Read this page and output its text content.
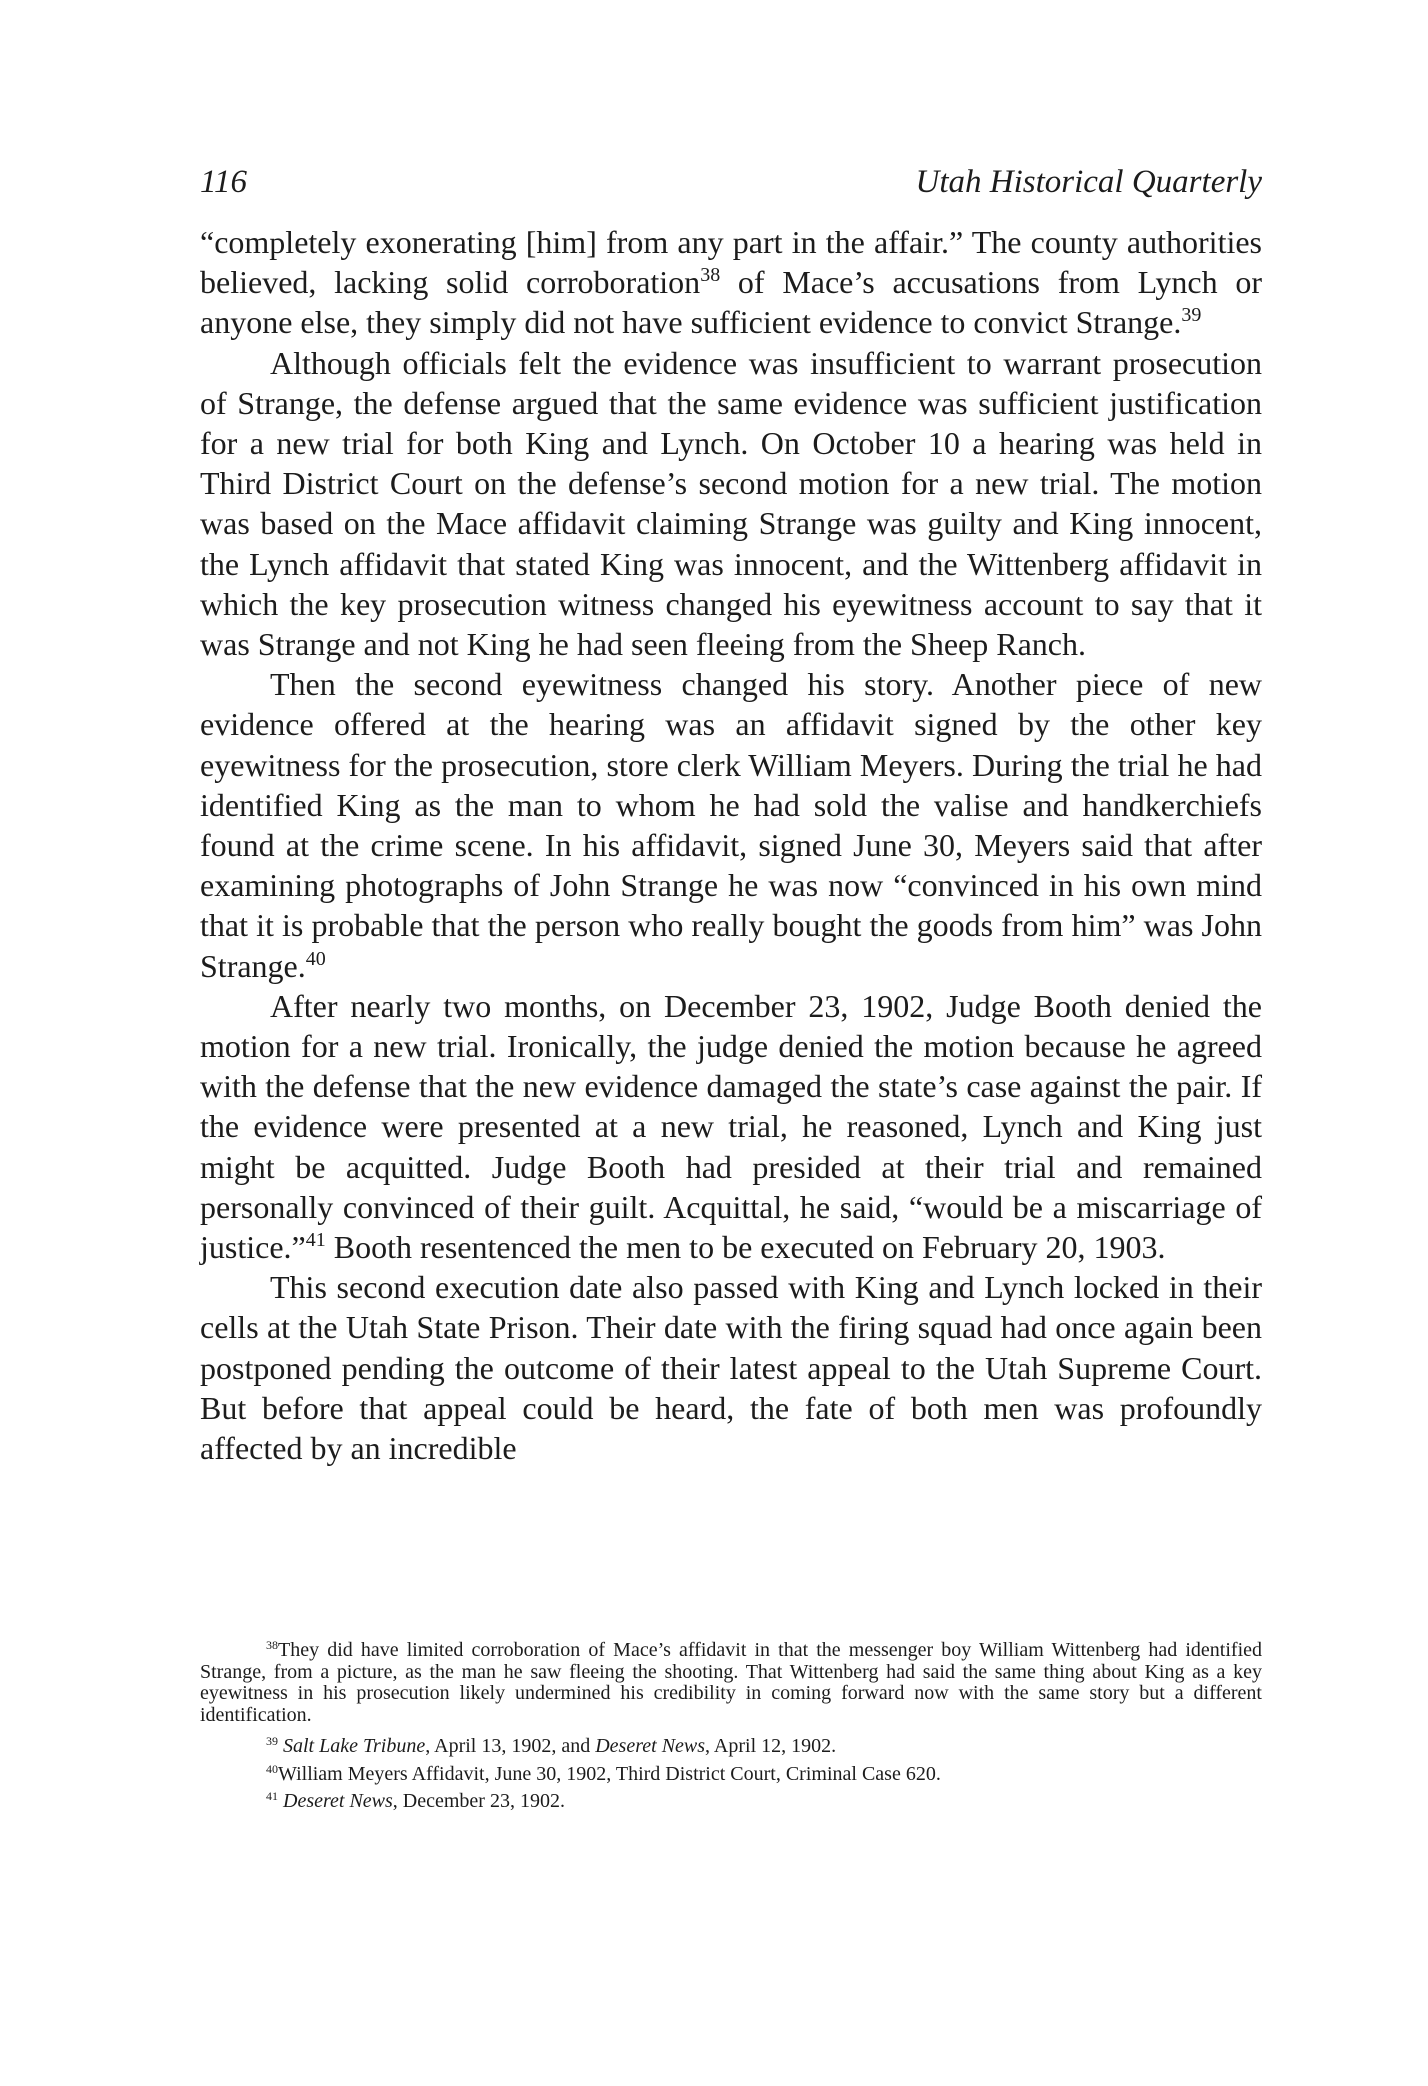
116	Utah Historical Quarterly

“completely exonerating [him] from any part in the affair.” The county authorities believed, lacking solid corroboration$^{38}$ of Mace’s accusations from Lynch or anyone else, they simply did not have sufficient evidence to convict Strange.$^{39}$

Although officials felt the evidence was insufficient to warrant prosecution of Strange, the defense argued that the same evidence was sufficient justification for a new trial for both King and Lynch. On October 10 a hearing was held in Third District Court on the defense’s second motion for a new trial. The motion was based on the Mace affidavit claiming Strange was guilty and King innocent, the Lynch affidavit that stated King was innocent, and the Wittenberg affidavit in which the key prosecution witness changed his eyewitness account to say that it was Strange and not King he had seen fleeing from the Sheep Ranch.

Then the second eyewitness changed his story. Another piece of new evidence offered at the hearing was an affidavit signed by the other key eyewitness for the prosecution, store clerk William Meyers. During the trial he had identified King as the man to whom he had sold the valise and handkerchiefs found at the crime scene. In his affidavit, signed June 30, Meyers said that after examining photographs of John Strange he was now “convinced in his own mind that it is probable that the person who really bought the goods from him” was John Strange.$^{40}$

After nearly two months, on December 23, 1902, Judge Booth denied the motion for a new trial. Ironically, the judge denied the motion because he agreed with the defense that the new evidence damaged the state’s case against the pair. If the evidence were presented at a new trial, he reasoned, Lynch and King just might be acquitted. Judge Booth had presided at their trial and remained personally convinced of their guilt. Acquittal, he said, “would be a miscarriage of justice.”$^{41}$ Booth resentenced the men to be executed on February 20, 1903.

This second execution date also passed with King and Lynch locked in their cells at the Utah State Prison. Their date with the firing squad had once again been postponed pending the outcome of their latest appeal to the Utah Supreme Court. But before that appeal could be heard, the fate of both men was profoundly affected by an incredible

$^{38}$They did have limited corroboration of Mace’s affidavit in that the messenger boy William Wittenberg had identified Strange, from a picture, as the man he saw fleeing the shooting. That Wittenberg had said the same thing about King as a key eyewitness in his prosecution likely undermined his credibility in coming forward now with the same story but a different identification.

$^{39}$ Salt Lake Tribune, April 13, 1902, and Deseret News, April 12, 1902.

$^{40}$William Meyers Affidavit, June 30, 1902, Third District Court, Criminal Case 620.

$^{41}$ Deseret News, December 23, 1902.
